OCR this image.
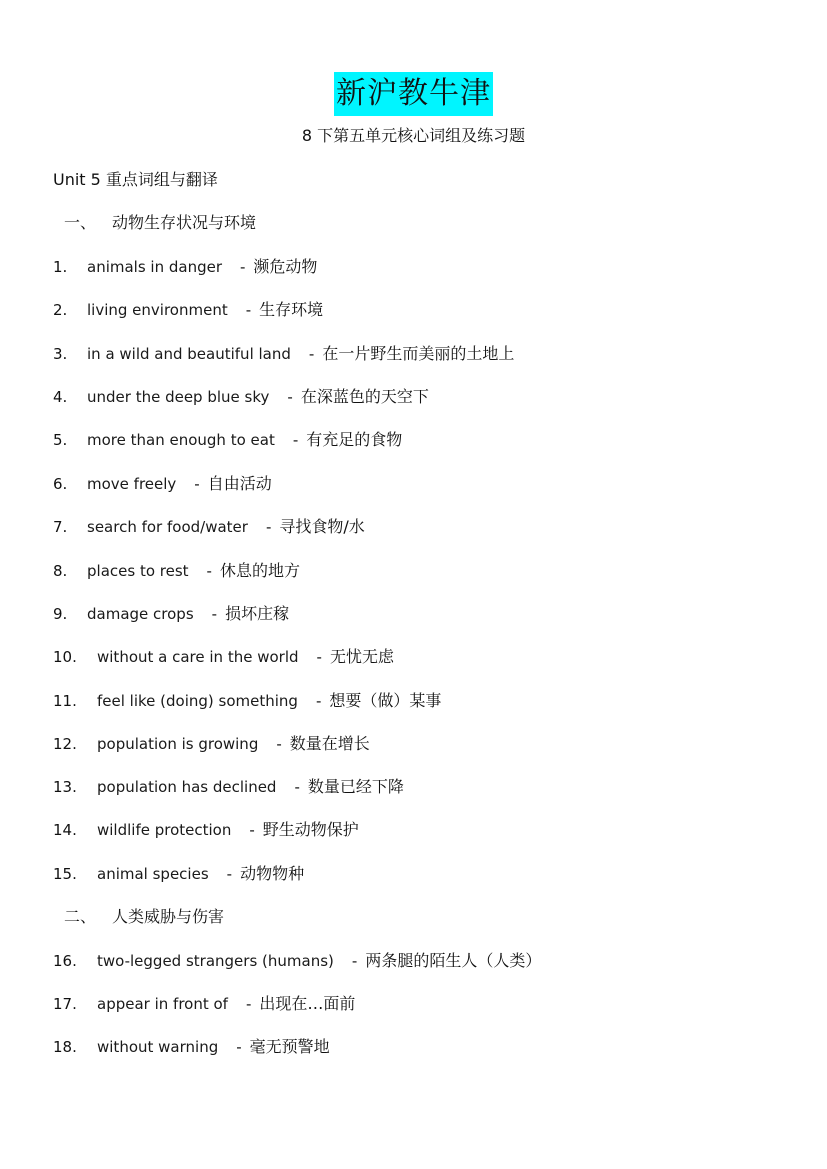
新沪教牛津
8 下第五单元核心词组及练习题
Unit 5 重点词组与翻译
一、 动物生存状况与环境
1. animals in danger - 濒危动物
2. living environment - 生存环境
3. in a wild and beautiful land - 在一片野生而美丽的土地上
4. under the deep blue sky - 在深蓝色的天空下
5. more than enough to eat - 有充足的食物
6. move freely - 自由活动
7. search for food/water - 寻找食物/水
8. places to rest - 休息的地方
9. damage crops - 损坏庄稼
10. without a care in the world - 无忧无虑
11. feel like (doing) something - 想要（做）某事
12. population is growing - 数量在增长
13. population has declined - 数量已经下降
14. wildlife protection - 野生动物保护
15. animal species - 动物物种
二、 人类威胁与伤害
16. two-legged strangers (humans) - 两条腿的陌生人（人类）
17. appear in front of - 出现在…面前
18. without warning - 毫无预警地
